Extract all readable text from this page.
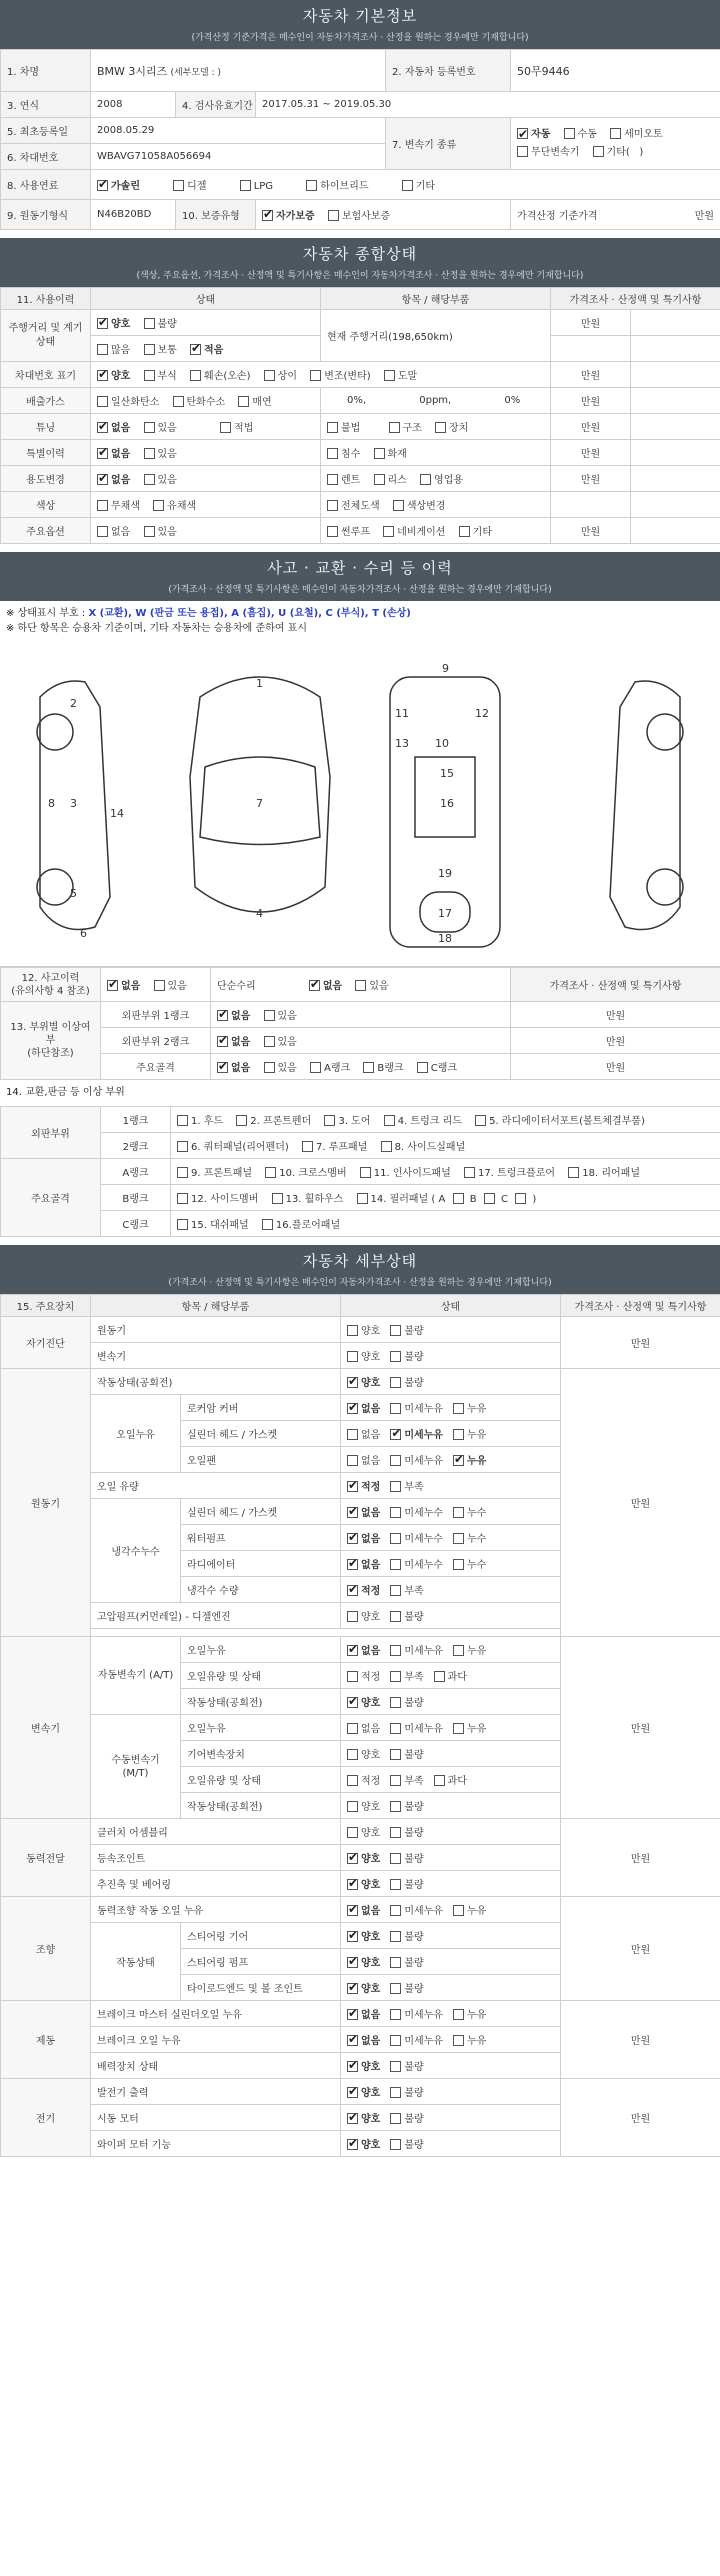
자동차 기본정보
(가격산정 기준가격은 매수인이 자동차가격조사 · 산정을 원하는 경우에만 기재합니다)
1. 차명	BMW 3시리즈 (세부모델 : )			2. 자동차 등록번호	50무9446
3. 연식	2008	4. 검사유효기간	2017.05.31 ~ 2019.05.30		
5. 최초등록일	2008.05.29			7. 변속기 종류	✔자동 수동 세미오토
무단변속기 기타( )
6. 차대번호	WBAVG71058A056694				
8. 사용연료	✔가솔린 디젤 LPG 하이브리드 기타
9. 원동기형식	N46B20BD	10. 보증유형	✔자가보증 보험사보증		가격산정 기준가격 만원
자동차 종합상태
(색상, 주요옵션, 가격조사 · 산정액 및 특기사항은 매수인이 자동차가격조사 · 산정을 원하는 경우에만 기재합니다)
11. 사용이력	상태	항목 / 해당부품	가격조사 · 산정액 및 특기사항	
주행거리 및 계기상태	✔양호 불량	현재 주행거리(198,650km)	만원	
	많음 보통 ✔ 적음		
차대번호 표기	✔양호 부식 훼손(오손) 상이 변조(변타) 도말		만원	
배출가스	일산화탄소 탄화수소 매연	0%, 0ppm, 0%	만원	
튜닝	✔없음 있음 적법	불법 구조 장치	만원	
특별이력	✔없음 있음	침수 화재	만원	
용도변경	✔없음 있음	렌트 리스 영업용	만원	
색상	무채색 유채색	전체도색 색상변경		
주요옵션	없음 있음	썬루프 네비게이션 기타	만원	
사고 · 교환 · 수리 등 이력
(가격조사 · 산정액 및 특기사항은 매수인이 자동차가격조사 · 산정을 원하는 경우에만 기재합니다)
※ 상태표시 부호 : X (교환), W (판금 또는 용접), A (흠집), U (요철), C (부식), T (손상)
※ 하단 항목은 승용차 기준이며, 기타 자동차는 승용차에 준하여 표시
1
2
3
4
5
6
7
8
9
10
11	12
13
14
15
16
17
18
19
12. 사고이력
(유의사항 4 참조)	✔없음 있음	단순수리 ✔ 없음 있음	가격조사 · 산정액 및 특기사항
13. 부위별 이상여부
(하단참조)	외판부위 1랭크	✔없음 있음	만원
	외판부위 2랭크	✔없음 있음	만원
	주요골격	✔없음 있음 A랭크 B랭크 C랭크	만원
14. 교환,판금 등 이상 부위
외판부위	1랭크	1. 후드 2. 프론트펜더 3. 도어 4. 트렁크 리드 5. 라디에이터서포트(볼트체결부품)
	2랭크	6. 쿼터패널(리어펜더) 7. 루프패널 8. 사이드실패널
주요골격	A랭크	9. 프론트패널 10. 크로스멤버 11. 인사이드패널 17. 트렁크플로어 18. 리어패널
	B랭크	12. 사이드멤버 13. 휠하우스 14. 필러패널 ( A B C )
	C랭크	15. 대쉬패널 16.플로어패널
자동차 세부상태
(가격조사 · 산정액 및 특기사항은 매수인이 자동차가격조사 · 산정을 원하는 경우에만 기재합니다)
15. 주요장치	항목 / 해당부품		상태	가격조사 · 산정액 및 특기사항
자기진단	원동기		양호 불량	만원
	변속기		양호 불량	
원동기	작동상태(공회전)	✔양호 불량	만원
	오일누유	로커암 커버	✔없음 미세누유 누유
		실린더 헤드 / 가스켓	없음 ✔ 미세누유 누유
		오일팬	없음 미세누유 ✔ 누유
	오일 유량	✔적정 부족
	냉각수누수	실린더 헤드 / 가스켓	✔없음 미세누수 누수
		워터펌프	✔없음 미세누수 누수
		라디에이터	✔없음 미세누수 누수
		냉각수 수량	✔적정 부족
	고압펌프(커먼레일) - 디젤엔진		양호 불량	

변속기	자동변속기 (A/T)	오일누유	✔없음 미세누유 누유	만원
		오일유량 및 상태	적정 부족 과다	
		작동상태(공회전)	✔양호 불량
	수동변속기 (M/T)	오일누유	없음 미세누유 누유	
		기어변속장치	양호 불량	
		오일유량 및 상태	적정 부족 과다	
		작동상태(공회전)	양호 불량	
동력전달	클러치 어셈블리		양호 불량	만원
	등속조인트	✔양호 불량
	추진축 및 베어링	✔양호 불량
조향	동력조향 작동 오일 누유	✔없음 미세누유 누유	만원
	작동상태	스티어링 기어	✔양호 불량
		스티어링 펌프	✔양호 불량
		타이로드엔드 및 볼 조인트	✔양호 불량
제동	브레이크 마스터 실린더오일 누유	✔없음 미세누유 누유	만원
	브레이크 오일 누유	✔없음 미세누유 누유
	배력장치 상태	✔양호 불량
전기	발전기 출력	✔양호 불량	만원
	시동 모터	✔양호 불량
	와이퍼 모터 기능	✔양호 불량
